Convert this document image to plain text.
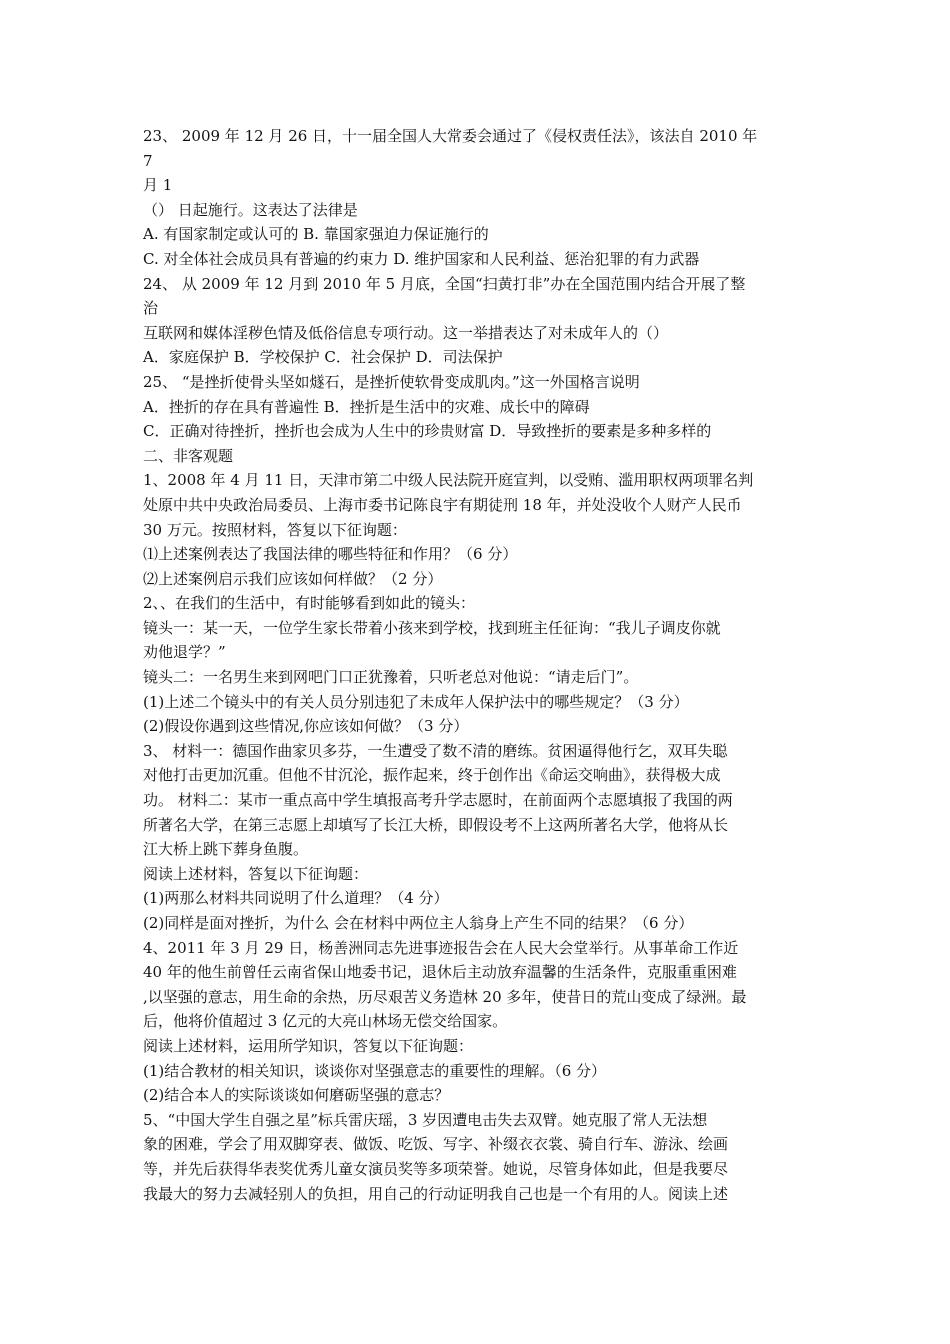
23、 2009 年 12 月 26 日，十一届全国人大常委会通过了《侵权责任法》，该法自 2010 年
7
月 1
（） 日起施行。这表达了法律是
A. 有国家制定或认可的 B. 靠国家强迫力保证施行的
C. 对全体社会成员具有普遍的约束力 D. 维护国家和人民利益、惩治犯罪的有力武器
24、 从 2009 年 12 月到 2010 年 5 月底，全国“扫黄打非”办在全国范围内结合开展了整
治
互联网和媒体淫秽色情及低俗信息专项行动。这一举措表达了对未成年人的（）
A．家庭保护 B．学校保护 C．社会保护 D．司法保护
25、 “是挫折使骨头坚如燧石，是挫折使软骨变成肌肉。”这一外国格言说明
A．挫折的存在具有普遍性 B．挫折是生活中的灾难、成长中的障碍
C．正确对待挫折，挫折也会成为人生中的珍贵财富 D．导致挫折的要素是多种多样的
二、非客观题
1、2008 年 4 月 11 日，天津市第二中级人民法院开庭宣判，以受贿、滥用职权两项罪名判
处原中共中央政治局委员、上海市委书记陈良宇有期徒刑 18 年，并处没收个人财产人民币
30 万元。按照材料，答复以下征询题：
⑴上述案例表达了我国法律的哪些特征和作用？（6 分）
⑵上述案例启示我们应该如何样做？（2 分）
2、、在我们的生活中，有时能够看到如此的镜头：
镜头一：某一天，一位学生家长带着小孩来到学校，找到班主任征询：“我儿子调皮你就
劝他退学？”
镜头二：一名男生来到网吧门口正犹豫着，只听老总对他说：“请走后门”。
(1)上述二个镜头中的有关人员分别违犯了未成年人保护法中的哪些规定？（3 分）
(2)假设你遇到这些情况,你应该如何做？（3 分）
3、 材料一：德国作曲家贝多芬，一生遭受了数不清的磨练。贫困逼得他行乞，双耳失聪
对他打击更加沉重。但他不甘沉沦，振作起来，终于创作出《命运交响曲》，获得极大成
功。 材料二：某市一重点高中学生填报高考升学志愿时，在前面两个志愿填报了我国的两
所著名大学，在第三志愿上却填写了长江大桥，即假设考不上这两所著名大学，他将从长
江大桥上跳下葬身鱼腹。
阅读上述材料，答复以下征询题：
(1)两那么材料共同说明了什么道理？（4 分）
(2)同样是面对挫折，为什么 会在材料中两位主人翁身上产生不同的结果？（6 分）
4、2011 年 3 月 29 日，杨善洲同志先进事迹报告会在人民大会堂举行。从事革命工作近
40 年的他生前曾任云南省保山地委书记，退休后主动放弃温馨的生活条件，克服重重困难
,以坚强的意志，用生命的余热，历尽艰苦义务造林 20 多年，使昔日的荒山变成了绿洲。最
后，他将价值超过 3 亿元的大亮山林场无偿交给国家。
阅读上述材料，运用所学知识，答复以下征询题：
(1)结合教材的相关知识，谈谈你对坚强意志的重要性的理解。（6 分）
(2)结合本人的实际谈谈如何磨砺坚强的意志？
5、“中国大学生自强之星”标兵雷庆瑶，3 岁因遭电击失去双臂。她克服了常人无法想
象的困难，学会了用双脚穿表、做饭、吃饭、写字、补缀衣衣裳、骑自行车、游泳、绘画
等，并先后获得华表奖优秀儿童女演员奖等多项荣誉。她说，尽管身体如此，但是我要尽
我最大的努力去减轻别人的负担，用自己的行动证明我自己也是一个有用的人。阅读上述
